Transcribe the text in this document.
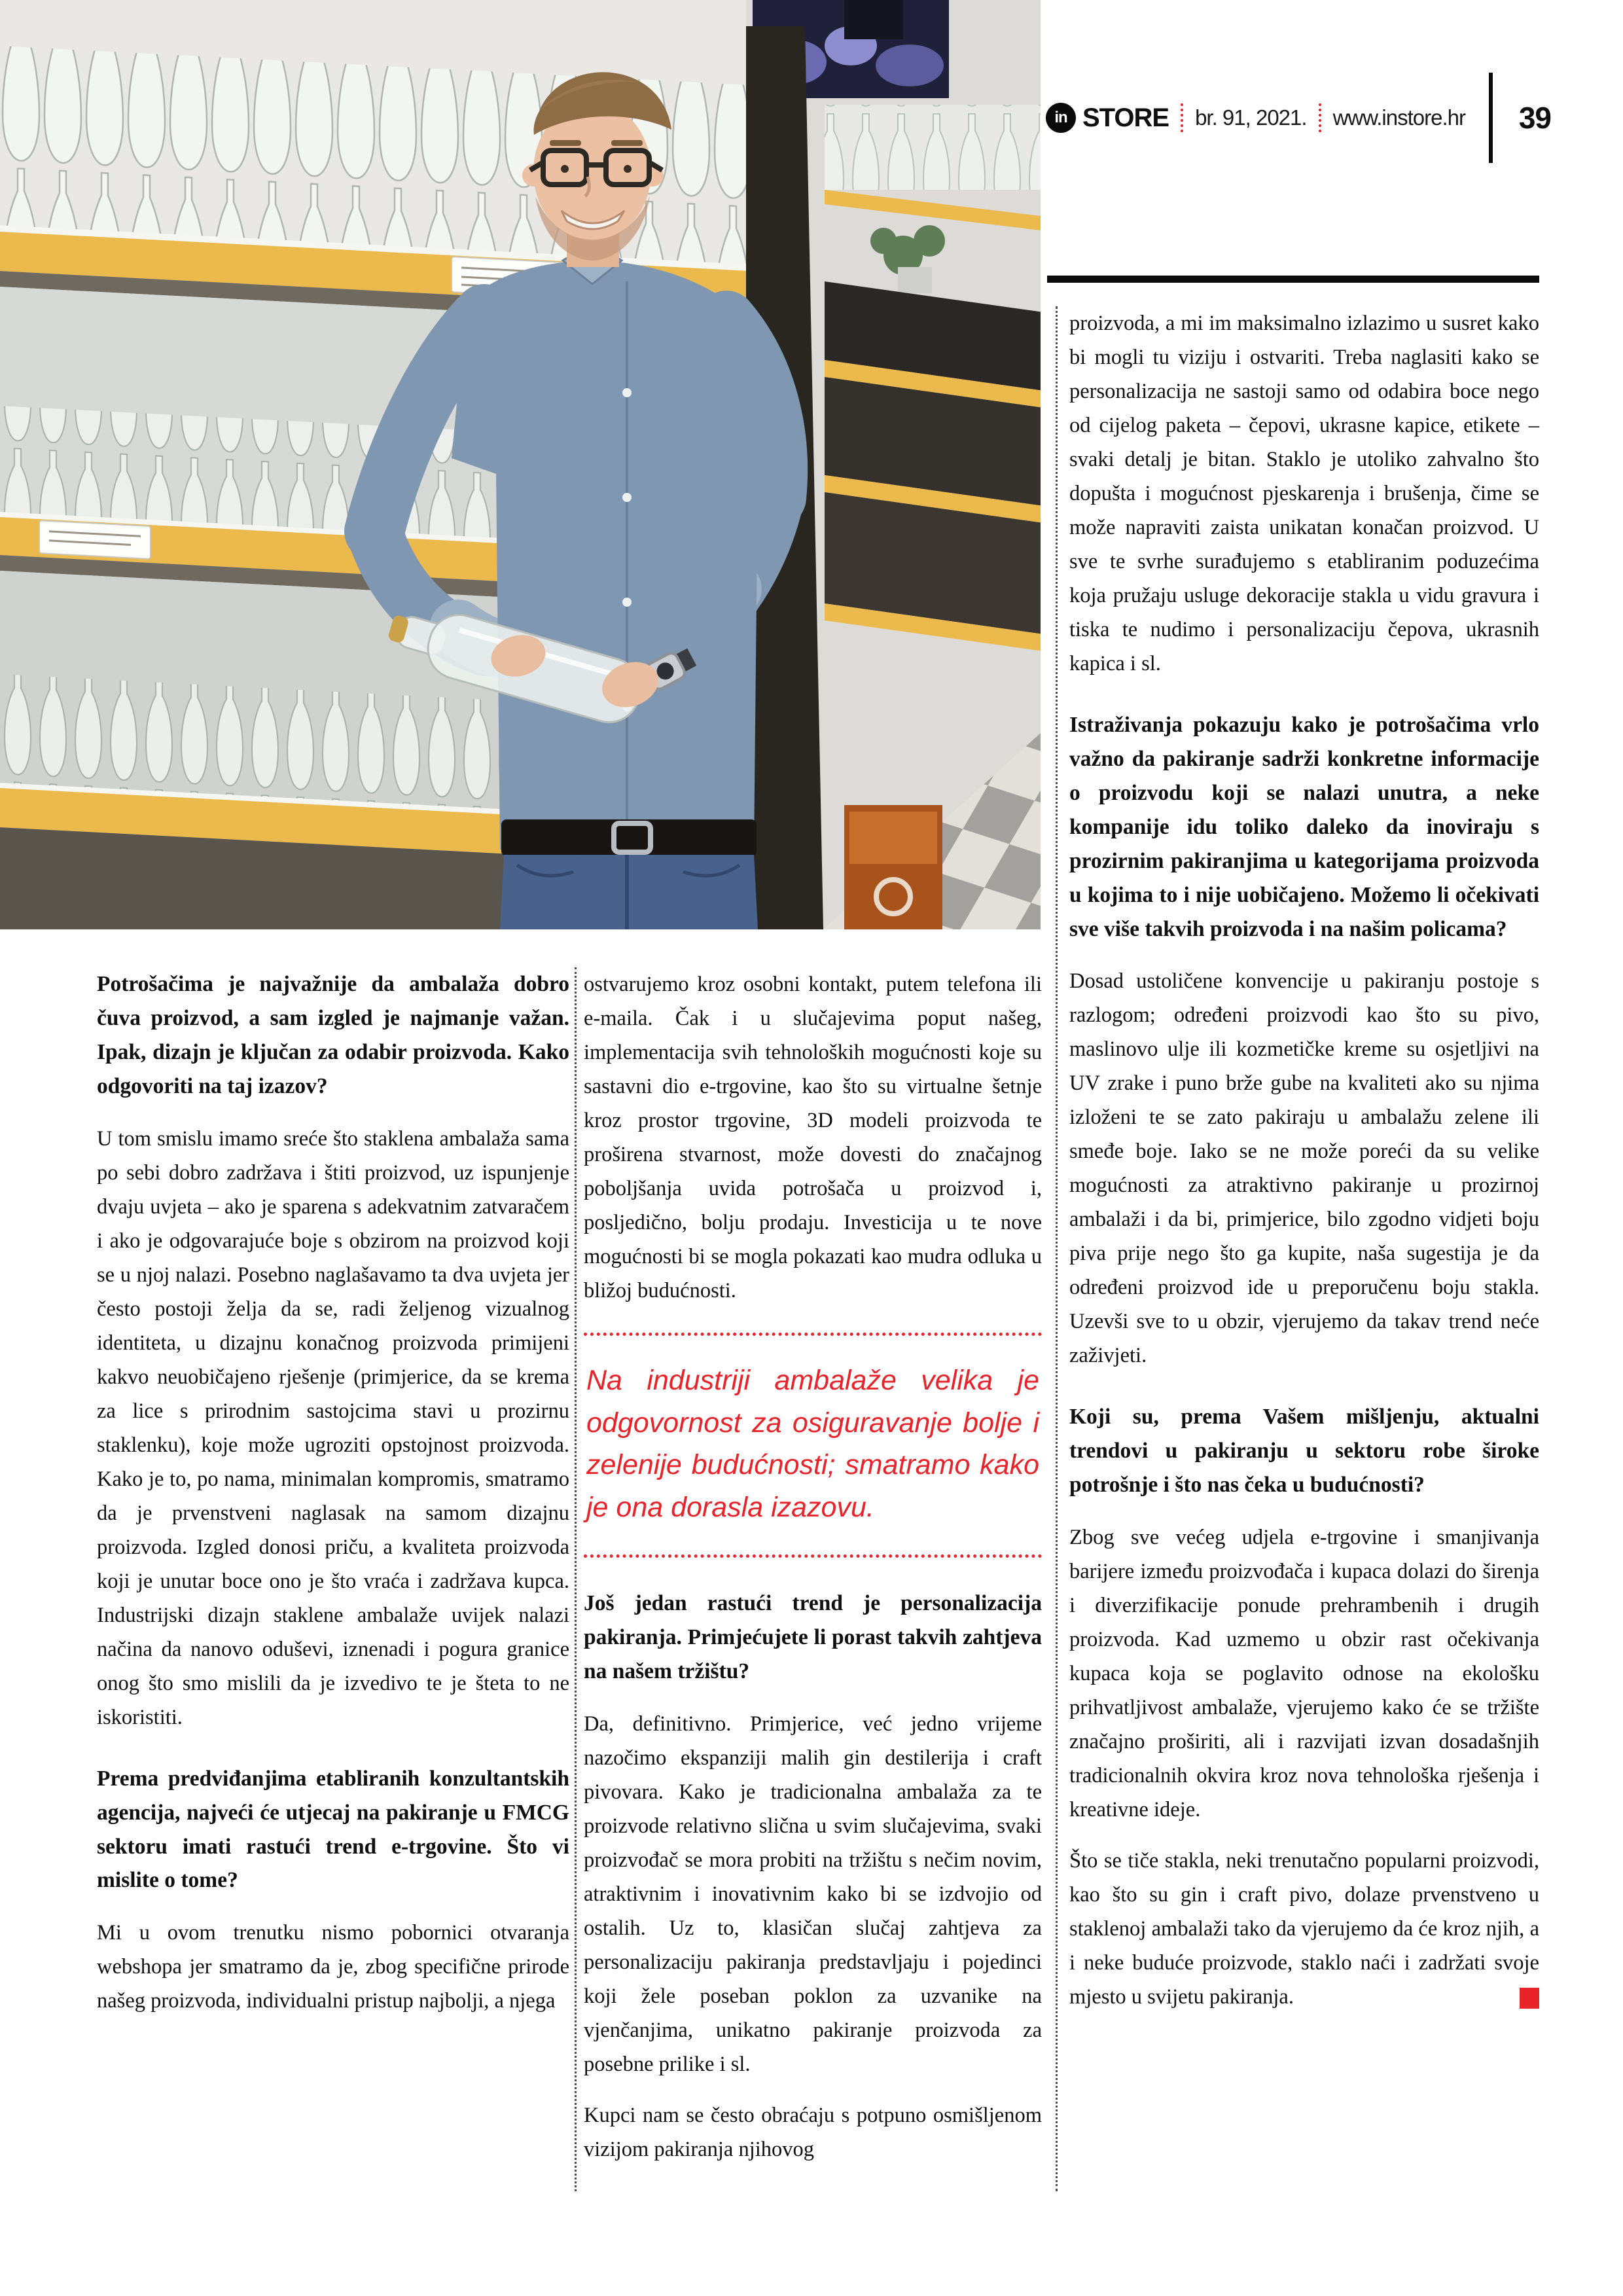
in STORE br. 91, 2021. www.instore.hr 39

Potrošačima je najvažnije da ambalaža dobro čuva proizvod, a sam izgled je najmanje važan. Ipak, dizajn je ključan za odabir proizvoda. Kako odgovoriti na taj izazov?

U tom smislu imamo sreće što staklena ambalaža sama po sebi dobro zadržava i štiti proizvod, uz ispunjenje dvaju uvjeta – ako je sparena s adekvatnim zatvaračem i ako je odgovarajuće boje s obzirom na proizvod koji se u njoj nalazi. Posebno naglašavamo ta dva uvjeta jer često postoji želja da se, radi željenog vizualnog identiteta, u dizajnu konačnog proizvoda primijeni kakvo neuobičajeno rješenje (primjerice, da se krema za lice s prirodnim sastojcima stavi u prozirnu staklenku), koje može ugroziti opstojnost proizvoda. Kako je to, po nama, minimalan kompromis, smatramo da je prvenstveni naglasak na samom dizajnu proizvoda. Izgled donosi priču, a kvaliteta proizvoda koji je unutar boce ono je što vraća i zadržava kupca. Industrijski dizajn staklene ambalaže uvijek nalazi načina da nanovo oduševi, iznenadi i pogura granice onog što smo mislili da je izvedivo te je šteta to ne iskoristiti.

Prema predviđanjima etabliranih konzultantskih agencija, najveći će utjecaj na pakiranje u FMCG sektoru imati rastući trend e-trgovine. Što vi mislite o tome?

Mi u ovom trenutku nismo pobornici otvaranja webshopa jer smatramo da je, zbog specifične prirode našeg proizvoda, individualni pristup najbolji, a njega

ostvarujemo kroz osobni kontakt, putem telefona ili e-maila. Čak i u slučajevima poput našeg, implementacija svih tehnoloških mogućnosti koje su sastavni dio e-trgovine, kao što su virtualne šetnje kroz prostor trgovine, 3D modeli proizvoda te proširena stvarnost, može dovesti do značajnog poboljšanja uvida potrošača u proizvod i, posljedično, bolju prodaju. Investicija u te nove mogućnosti bi se mogla pokazati kao mudra odluka u bližoj budućnosti.

Na industriji ambalaže velika je odgovornost za osiguravanje bolje i zelenije budućnosti; smatramo kako je ona dorasla izazovu.

Još jedan rastući trend je personalizacija pakiranja. Primjećujete li porast takvih zahtjeva na našem tržištu?

Da, definitivno. Primjerice, već jedno vrijeme nazočimo ekspanziji malih gin destilerija i craft pivovara. Kako je tradicionalna ambalaža za te proizvode relativno slična u svim slučajevima, svaki proizvođač se mora probiti na tržištu s nečim novim, atraktivnim i inovativnim kako bi se izdvojio od ostalih. Uz to, klasičan slučaj zahtjeva za personalizaciju pakiranja predstavljaju i pojedinci koji žele poseban poklon za uzvanike na vjenčanjima, unikatno pakiranje proizvoda za posebne prilike i sl.

Kupci nam se često obraćaju s potpuno osmišljenom vizijom pakiranja njihovog

proizvoda, a mi im maksimalno izlazimo u susret kako bi mogli tu viziju i ostvariti. Treba naglasiti kako se personalizacija ne sastoji samo od odabira boce nego od cijelog paketa – čepovi, ukrasne kapice, etikete – svaki detalj je bitan. Staklo je utoliko zahvalno što dopušta i mogućnost pjeskarenja i brušenja, čime se može napraviti zaista unikatan konačan proizvod. U sve te svrhe surađujemo s etabliranim poduzećima koja pružaju usluge dekoracije stakla u vidu gravura i tiska te nudimo i personalizaciju čepova, ukrasnih kapica i sl.

Istraživanja pokazuju kako je potrošačima vrlo važno da pakiranje sadrži konkretne informacije o proizvodu koji se nalazi unutra, a neke kompanije idu toliko daleko da inoviraju s prozirnim pakiranjima u kategorijama proizvoda u kojima to i nije uobičajeno. Možemo li očekivati sve više takvih proizvoda i na našim policama?

Dosad ustoličene konvencije u pakiranju postoje s razlogom; određeni proizvodi kao što su pivo, maslinovo ulje ili kozmetičke kreme su osjetljivi na UV zrake i puno brže gube na kvaliteti ako su njima izloženi te se zato pakiraju u ambalažu zelene ili smeđe boje. Iako se ne može poreći da su velike mogućnosti za atraktivno pakiranje u prozirnoj ambalaži i da bi, primjerice, bilo zgodno vidjeti boju piva prije nego što ga kupite, naša sugestija je da određeni proizvod ide u preporučenu boju stakla. Uzevši sve to u obzir, vjerujemo da takav trend neće zaživjeti.

Koji su, prema Vašem mišljenju, aktualni trendovi u pakiranju u sektoru robe široke potrošnje i što nas čeka u budućnosti?

Zbog sve većeg udjela e-trgovine i smanjivanja barijere između proizvođača i kupaca dolazi do širenja i diverzifikacije ponude prehrambenih i drugih proizvoda. Kad uzmemo u obzir rast očekivanja kupaca koja se poglavito odnose na ekološku prihvatljivost ambalaže, vjerujemo kako će se tržište značajno proširiti, ali i razvijati izvan dosadašnjih tradicionalnih okvira kroz nova tehnološka rješenja i kreativne ideje.

Što se tiče stakla, neki trenutačno popularni proizvodi, kao što su gin i craft pivo, dolaze prvenstveno u staklenoj ambalaži tako da vjerujemo da će kroz njih, a i neke buduće proizvode, staklo naći i zadržati svoje mjesto u svijetu pakiranja.
